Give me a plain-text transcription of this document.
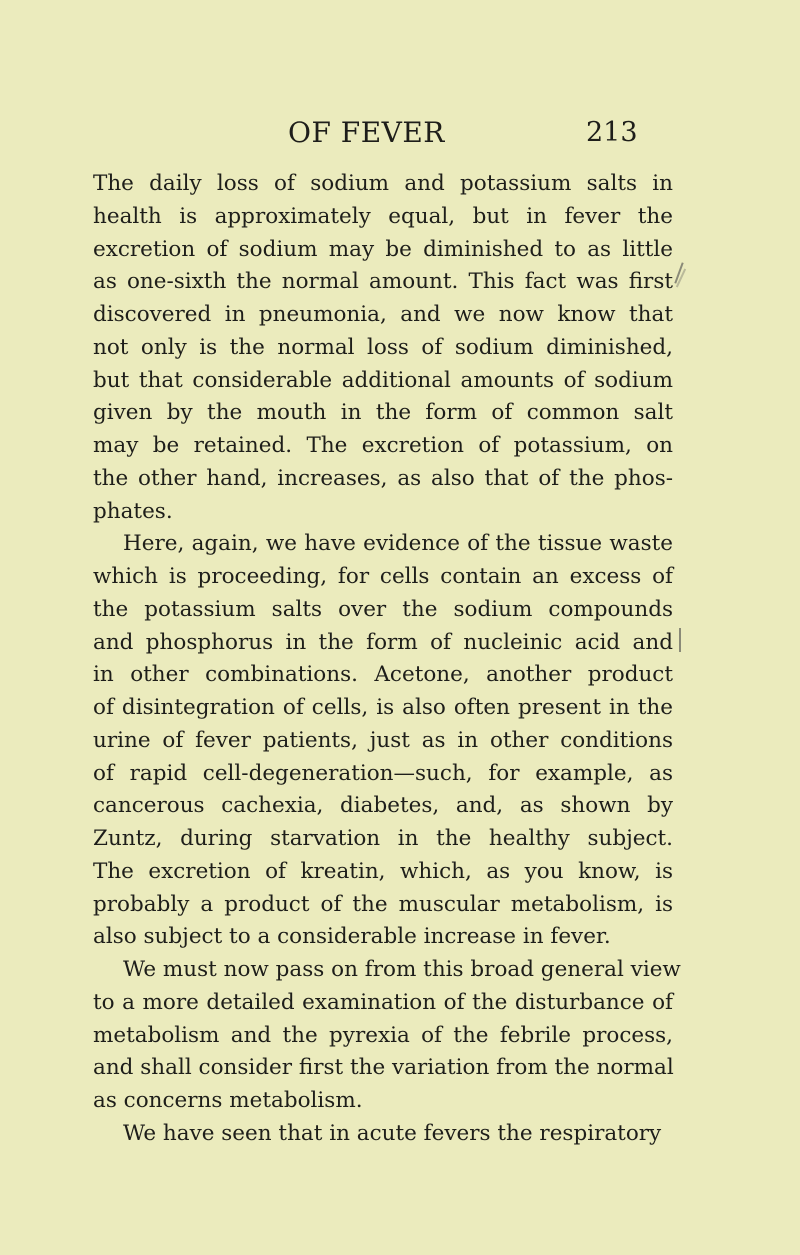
OF FEVER	213
The daily loss of sodium and potassium salts in
health is approximately equal, but in fever the
excretion of sodium may be diminished to as little
as one-sixth the normal amount. This fact was first
discovered in pneumonia, and we now know that
not only is the normal loss of sodium diminished,
but that considerable additional amounts of sodium
given by the mouth in the form of common salt
may be retained. The excretion of potassium, on
the other hand, increases, as also that of the phos-
phates.
Here, again, we have evidence of the tissue waste
which is proceeding, for cells contain an excess of
the potassium salts over the sodium compounds
and phosphorus in the form of nucleinic acid and
in other combinations. Acetone, another product
of disintegration of cells, is also often present in the
urine of fever patients, just as in other conditions
of rapid cell-degeneration—such, for example, as
cancerous cachexia, diabetes, and, as shown by
Zuntz, during starvation in the healthy subject.
The excretion of kreatin, which, as you know, is
probably a product of the muscular metabolism, is
also subject to a considerable increase in fever.
We must now pass on from this broad general view
to a more detailed examination of the disturbance of
metabolism and the pyrexia of the febrile process,
and shall consider first the variation from the normal
as concerns metabolism.
We have seen that in acute fevers the respiratory
